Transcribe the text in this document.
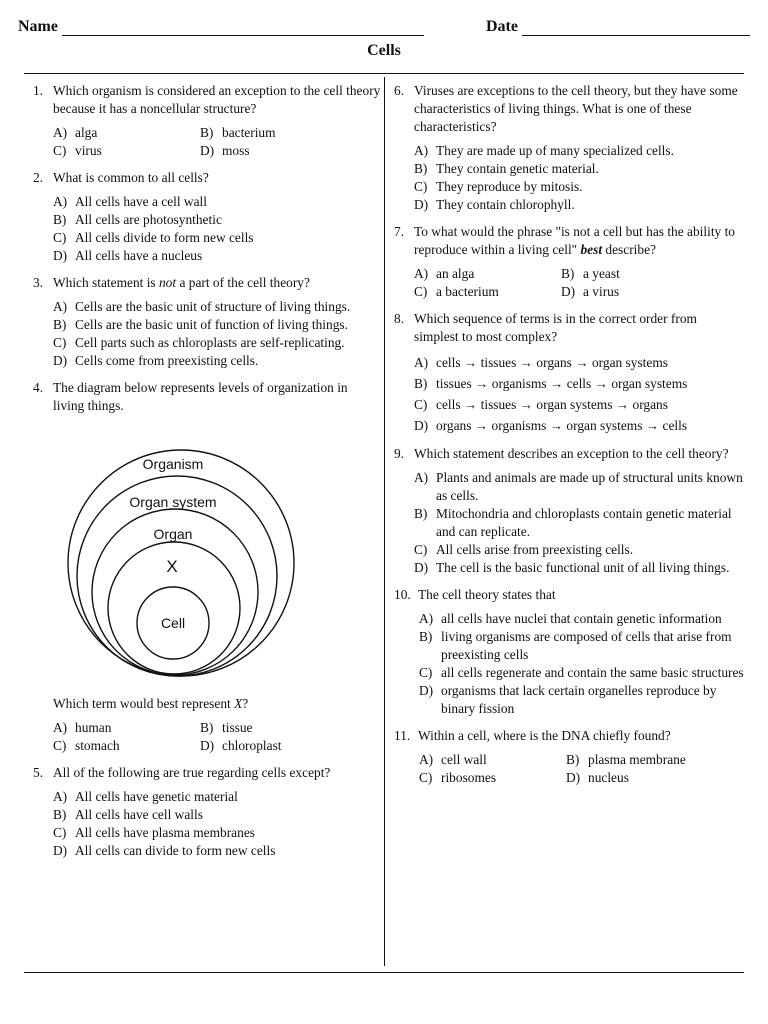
Name	Date
Cells
1. Which organism is considered an exception to the cell theory because it has a noncellular structure?
A) alga	B) bacterium
C) virus	D) moss
2. What is common to all cells?
A) All cells have a cell wall
B) All cells are photosynthetic
C) All cells divide to form new cells
D) All cells have a nucleus
3. Which statement is not a part of the cell theory?
A) Cells are the basic unit of structure of living things.
B) Cells are the basic unit of function of living things.
C) Cell parts such as chloroplasts are self-replicating.
D) Cells come from preexisting cells.
4. The diagram below represents levels of organization in living things.
Organism
Organ system
Organ
X
Cell
Which term would best represent X?
A) human	B) tissue
C) stomach	D) chloroplast
5. All of the following are true regarding cells except?
A) All cells have genetic material
B) All cells have cell walls
C) All cells have plasma membranes
D) All cells can divide to form new cells
6. Viruses are exceptions to the cell theory, but they have some characteristics of living things. What is one of these characteristics?
A) They are made up of many specialized cells.
B) They contain genetic material.
C) They reproduce by mitosis.
D) They contain chlorophyll.
7. To what would the phrase "is not a cell but has the ability to reproduce within a living cell" best describe?
A) an alga	B) a yeast
C) a bacterium	D) a virus
8. Which sequence of terms is in the correct order from simplest to most complex?
A) cells → tissues → organs → organ systems
B) tissues → organisms → cells → organ systems
C) cells → tissues → organ systems → organs
D) organs → organisms → organ systems → cells
9. Which statement describes an exception to the cell theory?
A) Plants and animals are made up of structural units known as cells.
B) Mitochondria and chloroplasts contain genetic material and can replicate.
C) All cells arise from preexisting cells.
D) The cell is the basic functional unit of all living things.
10. The cell theory states that
A) all cells have nuclei that contain genetic information
B) living organisms are composed of cells that arise from preexisting cells
C) all cells regenerate and contain the same basic structures
D) organisms that lack certain organelles reproduce by binary fission
11. Within a cell, where is the DNA chiefly found?
A) cell wall	B) plasma membrane
C) ribosomes	D) nucleus
